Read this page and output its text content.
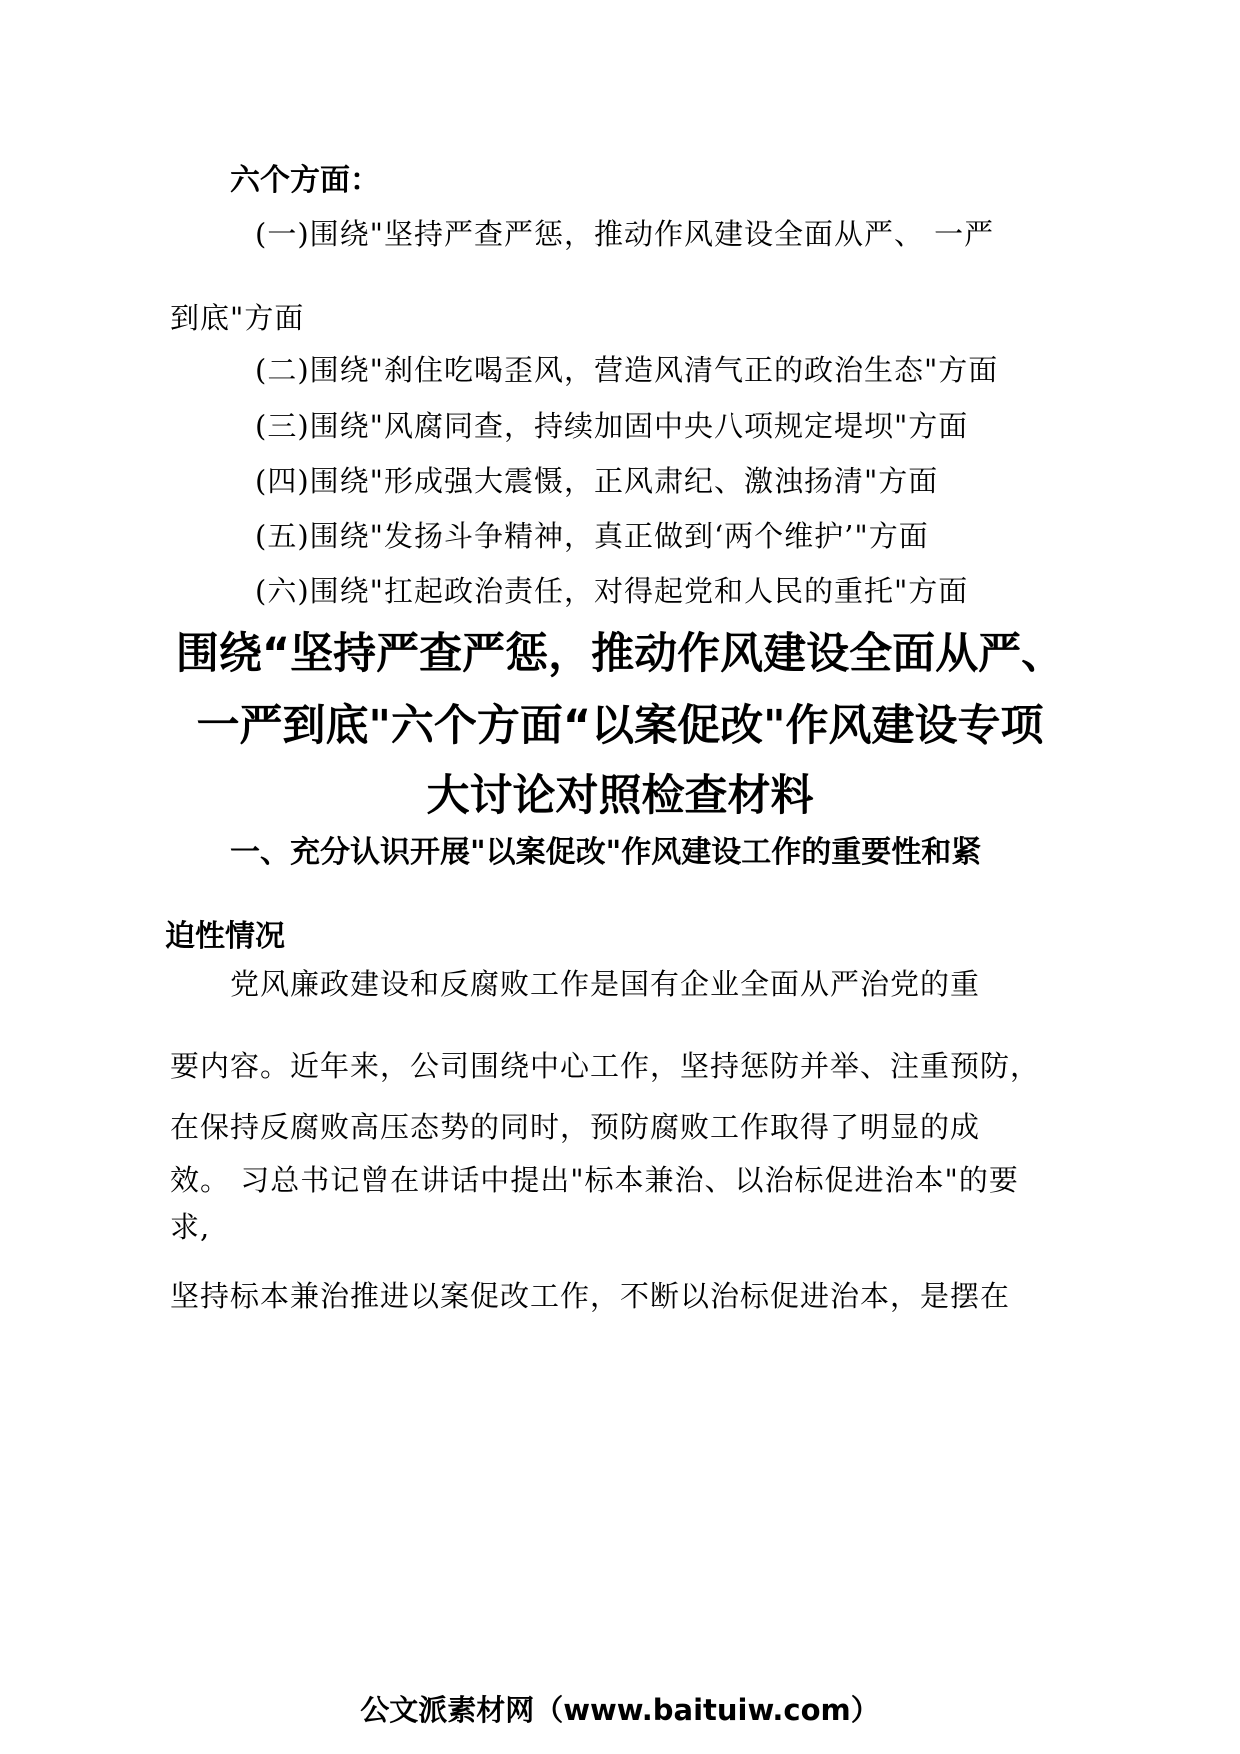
六个方面：
(一)围绕"坚持严查严惩，推动作风建设全面从严、 一严
到底"方面
(二)围绕"刹住吃喝歪风，营造风清气正的政治生态"方面
(三)围绕"风腐同查，持续加固中央八项规定堤坝"方面
(四)围绕"形成强大震慑，正风肃纪、激浊扬清"方面
(五)围绕"发扬斗争精神，真正做到‘两个维护’"方面
(六)围绕"扛起政治责任，对得起党和人民的重托"方面
围绕“坚持严查严惩，推动作风建设全面从严、
一严到底"六个方面“以案促改"作风建设专项
大讨论对照检查材料
一、充分认识开展"以案促改"作风建设工作的重要性和紧
迫性情况
党风廉政建设和反腐败工作是国有企业全面从严治党的重
要内容。近年来，公司围绕中心工作，坚持惩防并举、注重预防，
在保持反腐败高压态势的同时，预防腐败工作取得了明显的成
效。 习总书记曾在讲话中提出"标本兼治、以治标促进治本"的要
求,
坚持标本兼治推进以案促改工作，不断以治标促进治本，是摆在
公文派素材网（www.baituiw.com）
